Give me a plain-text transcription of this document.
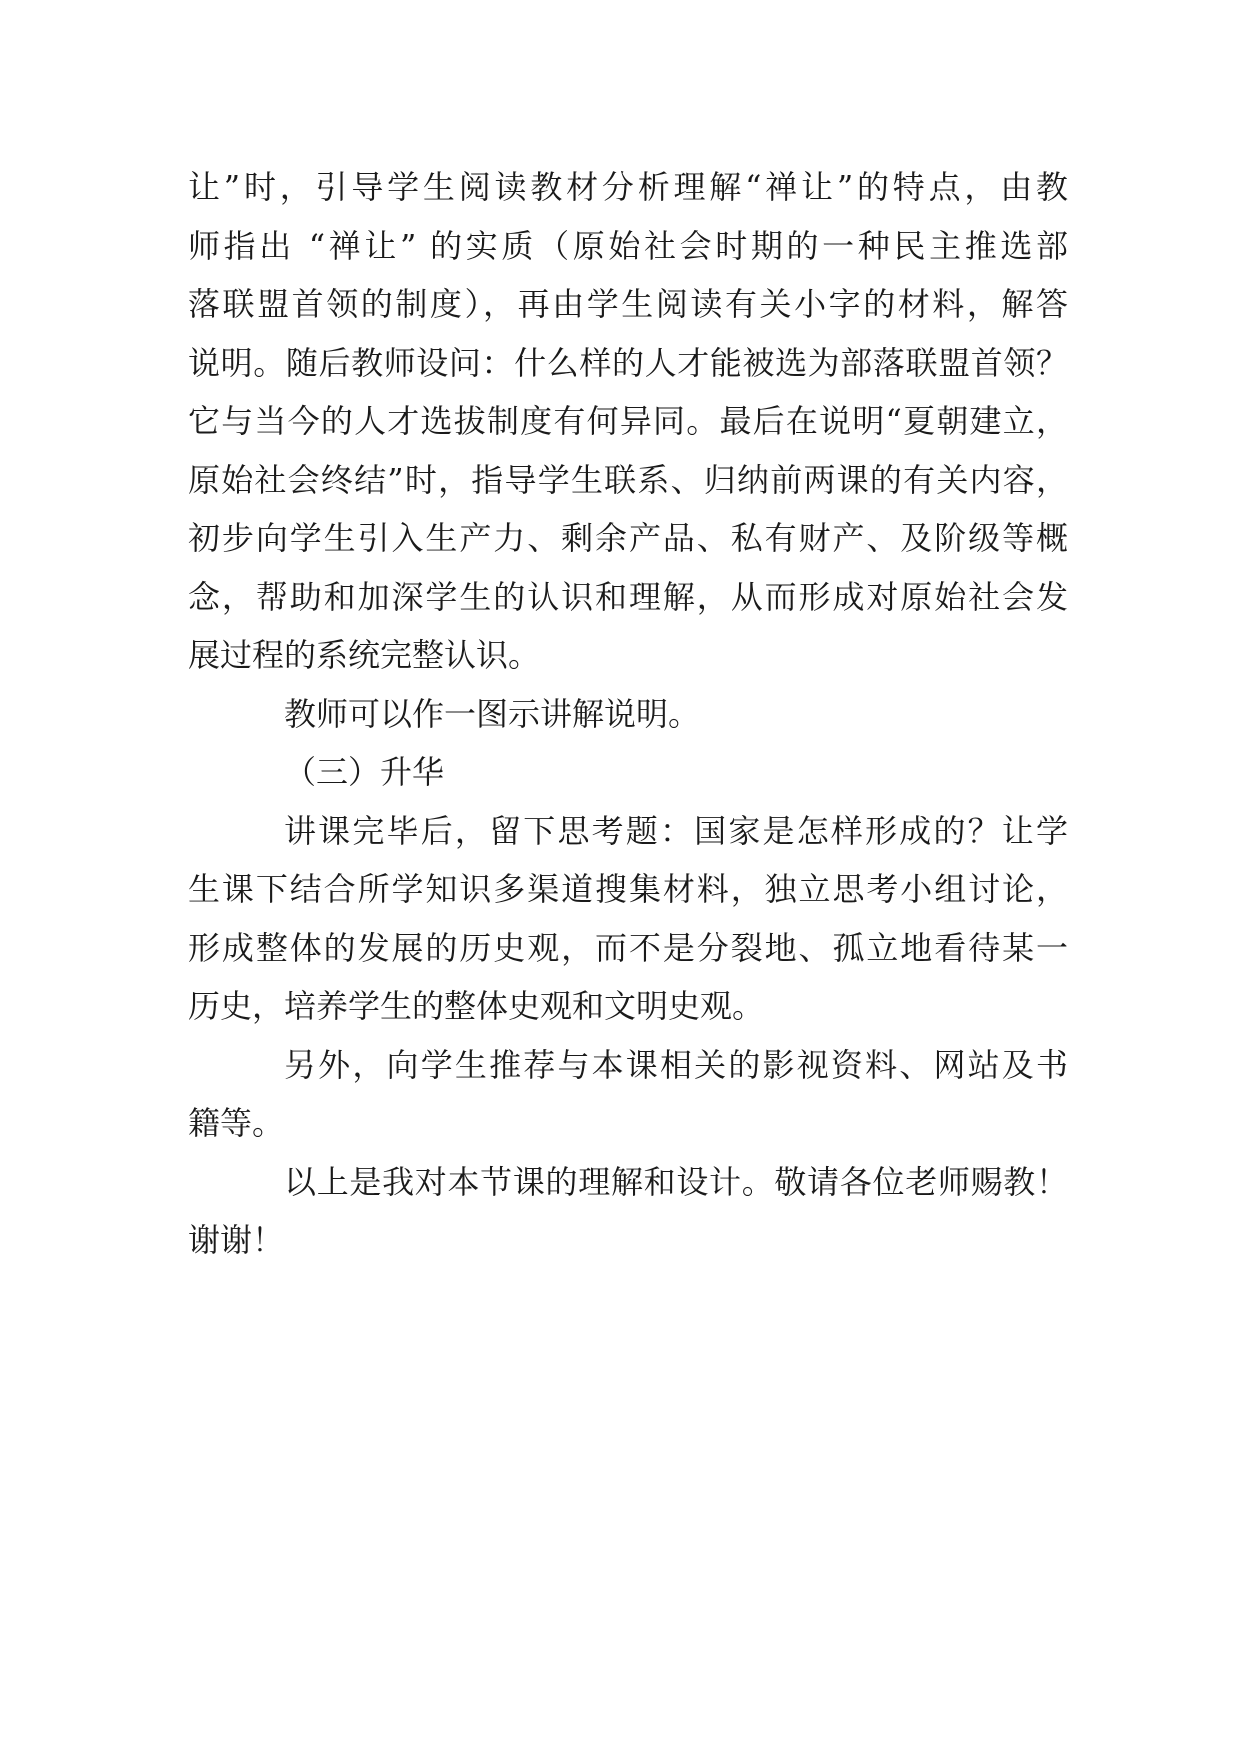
让”时，引导学生阅读教材分析理解“禅让”的特点，由教
师指出 “禅让” 的实质（原始社会时期的一种民主推选部
落联盟首领的制度），再由学生阅读有关小字的材料，解答
说明。随后教师设问：什么样的人才能被选为部落联盟首领？
它与当今的人才选拔制度有何异同。最后在说明“夏朝建立，
原始社会终结”时，指导学生联系、归纳前两课的有关内容，
初步向学生引入生产力、剩余产品、私有财产、及阶级等概
念，帮助和加深学生的认识和理解，从而形成对原始社会发
展过程的系统完整认识。
教师可以作一图示讲解说明。
（三）升华
讲课完毕后，留下思考题：国家是怎样形成的？让学
生课下结合所学知识多渠道搜集材料，独立思考小组讨论，
形成整体的发展的历史观，而不是分裂地、孤立地看待某一
历史，培养学生的整体史观和文明史观。
另外，向学生推荐与本课相关的影视资料、网站及书
籍等。
以上是我对本节课的理解和设计。敬请各位老师赐教！
谢谢！
